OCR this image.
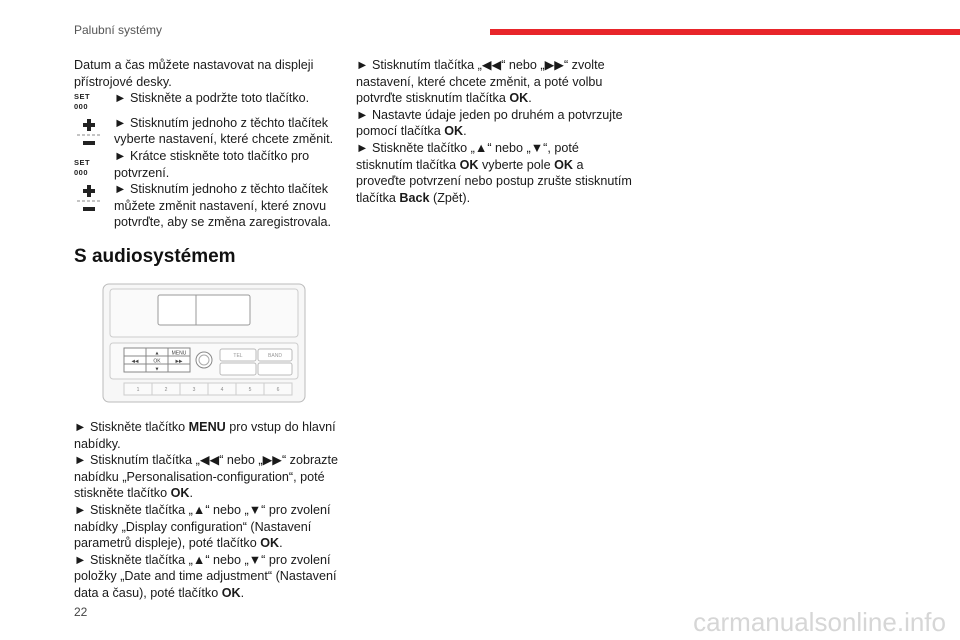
Palubní systémy

Datum a čas můžete nastavovat na displeji přístrojové desky.

SET 000

► Stiskněte a podržte toto tlačítko.

► Stisknutím jednoho z těchto tlačítek vyberte nastavení, které chcete změnit.

SET 000

► Krátce stiskněte toto tlačítko pro potvrzení.

► Stisknutím jednoho z těchto tlačítek můžete změnit nastavení, které znovu potvrďte, aby se změna zaregistrovala.

S audiosystémem
▲ MENU
◀◀	OK	▶▶
▼
TEL	BAND
1	2	3	4	5	6

► Stiskněte tlačítko MENU pro vstup do hlavní nabídky.

► Stisknutím tlačítka „◀◀“ nebo „▶▶“ zobrazte nabídku „Personalisation-configuration“, poté stiskněte tlačítko OK.

► Stiskněte tlačítka „▲“ nebo „▼“ pro zvolení nabídky „Display configuration“ (Nastavení parametrů displeje), poté tlačítko OK.

► Stiskněte tlačítka „▲“ nebo „▼“ pro zvolení položky „Date and time adjustment“ (Nastavení data a času), poté tlačítko OK.

► Stisknutím tlačítka „◀◀“ nebo „▶▶“ zvolte nastavení, které chcete změnit, a poté volbu potvrďte stisknutím tlačítka OK.

► Nastavte údaje jeden po druhém a potvrzujte pomocí tlačítka OK.

► Stiskněte tlačítko „▲“ nebo „▼“, poté stisknutím tlačítka OK vyberte pole OK a proveďte potvrzení nebo postup zrušte stisknutím tlačítka Back (Zpět).

22	carmanualsonline.info
